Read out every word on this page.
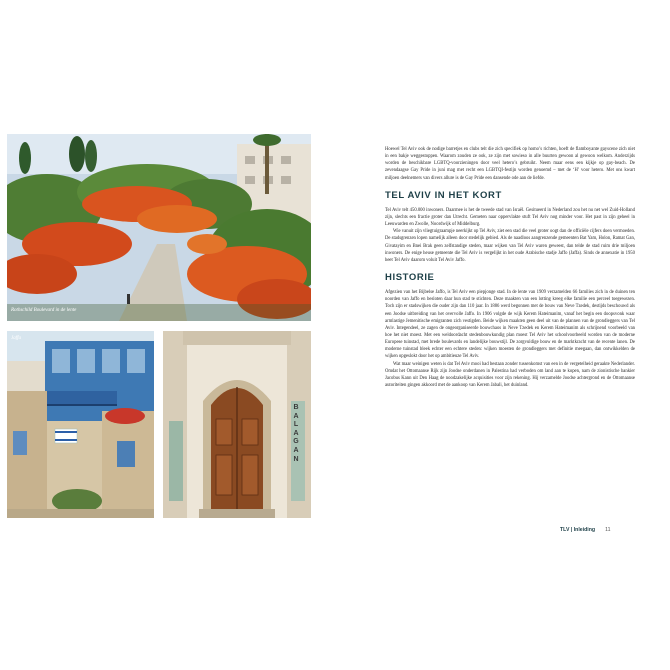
Rothschild Boulevard in de lente
Jaffa
BALAGAN

Hoewel Tel Aviv ook de nodige barretjes en clubs telt die zich specifiek op homo’s richten, hoeft de flamboyante gayscene zich niet in een bakje weggestoppen. Waarom zouden ze ook, ze zijn met sowieso in alle buurten gewoon al gewoon welkom. Anderzijds worden de beschikbare LGBTQ-voorzieningen door veel hetero’s gebruikt. Neem maar eens een kijkje op gay-beach. De zevendaagse Gay Pride in juni mag met recht een LGBTQI-festijn worden genoemd – met de ‘H’ voor hetero. Met ons kwart miljoen deelnemers van divers allure is de Gay Pride een dansende ode aan de liefde.

TEL AVIV IN HET KORT

Tel Aviv telt 450.000 inwoners. Daarmee is het de tweede stad van Israël. Gesitueerd in Nederland zou het nu net wel Zuid-Holland zijn, slechts een fractie groter dan Utrecht. Gemeten naar oppervlakte stuft Tel Aviv nog minder voor. Het past in zijn geheel in Leeuwarden en Zwolle, Noordwijk of Middelburg.

Wie vanuit zijn vliegtuigraampje neerkijkt op Tel Aviv, ziet een stad die veel groter oogt dan de officiële cijfers doen vermoeden. De stadsgrenzen lopen namelijk alleen door stedelijk gebied. Als de naadloos aangrenzende gemeenten Bat Yam, Holon, Ramat Gan, Givatayim en Bnei Brak geen zelfstandige steden, maar wijken van Tel Aviv waren geweest, dan telde de stad ruim drie miljoen inwoners. De enige heuse gemeente die Tel Aviv is vergelijkt in het oude Arabische stadje Jaffo (Jaffa). Sinds de annexatie in 1950 heet Tel Aviv daarom voluit Tel Aviv Jaffo.

HISTORIE

Afgezien van het Bijbelse Jaffo, is Tel Aviv een piepjonge stad. In de lente van 1909 verzamelden 66 families zich in de duinen ten noorden van Jaffo en besloten daar hun stad te stichten. Deze maakten van een lotting kreeg elke familie een perceel toegewezen. Toch zijn er stadswijken die ouder zijn dan 110 jaar. In 1886 werd begonnen met de bouw van Neve Tzedek, destijds beschouwd als een Joodse uitbreiding van het overvolle Jaffo. In 1906 volgde de wijk Kerem Hateimanim, vanaf het begin een doopsvonk waar armlastige Jemenitische emigranten zich vestigden. Beide wijken maakten geen deel uit van de plannen van de grondleggers van Tel Aviv. Integendeel, ze zagen de ongeorganiseerde bouwchaos in Neve Tzedek en Kerem Hateimanim als schrijnend voorbeeld van hoe het niet moest. Met een weldoordacht stedenbouwkundig plan moest Tel Aviv het schoolvoorbeeld worden van de moderne Europese tuinstad, met brede boulevards en landelijke bouwstijl. De zorgvuldige bouw en de marktkracht van de recente lanen. De moderne tuinstad bleek echter een echtere steden: wijken moesten de grondleggers met definitie meegaan, dan ontwikkelden de wijken opgeslokt door het op ambitieuze Tel Aviv.

Wat maar weinigen weten is dat Tel Aviv mooi had bestaan zonder tussenkomst van een in de vergetelheid geraakte Nederlander. Omdat het Ottomaanse Rijk zijn Joodse onderdanen in Palestina had verboden om land aan te kopen, nam de zionistische bankier Jacobus Kann uit Den Haag de noodzakelijke acquisities voor zijn rekening. Hij verzamelde Joodse achtergrond en de Ottomaanse autoriteiten gingen akkoord met de aankoop van Kerem Jabali, het duinland.

TLV | Inleiding 11
